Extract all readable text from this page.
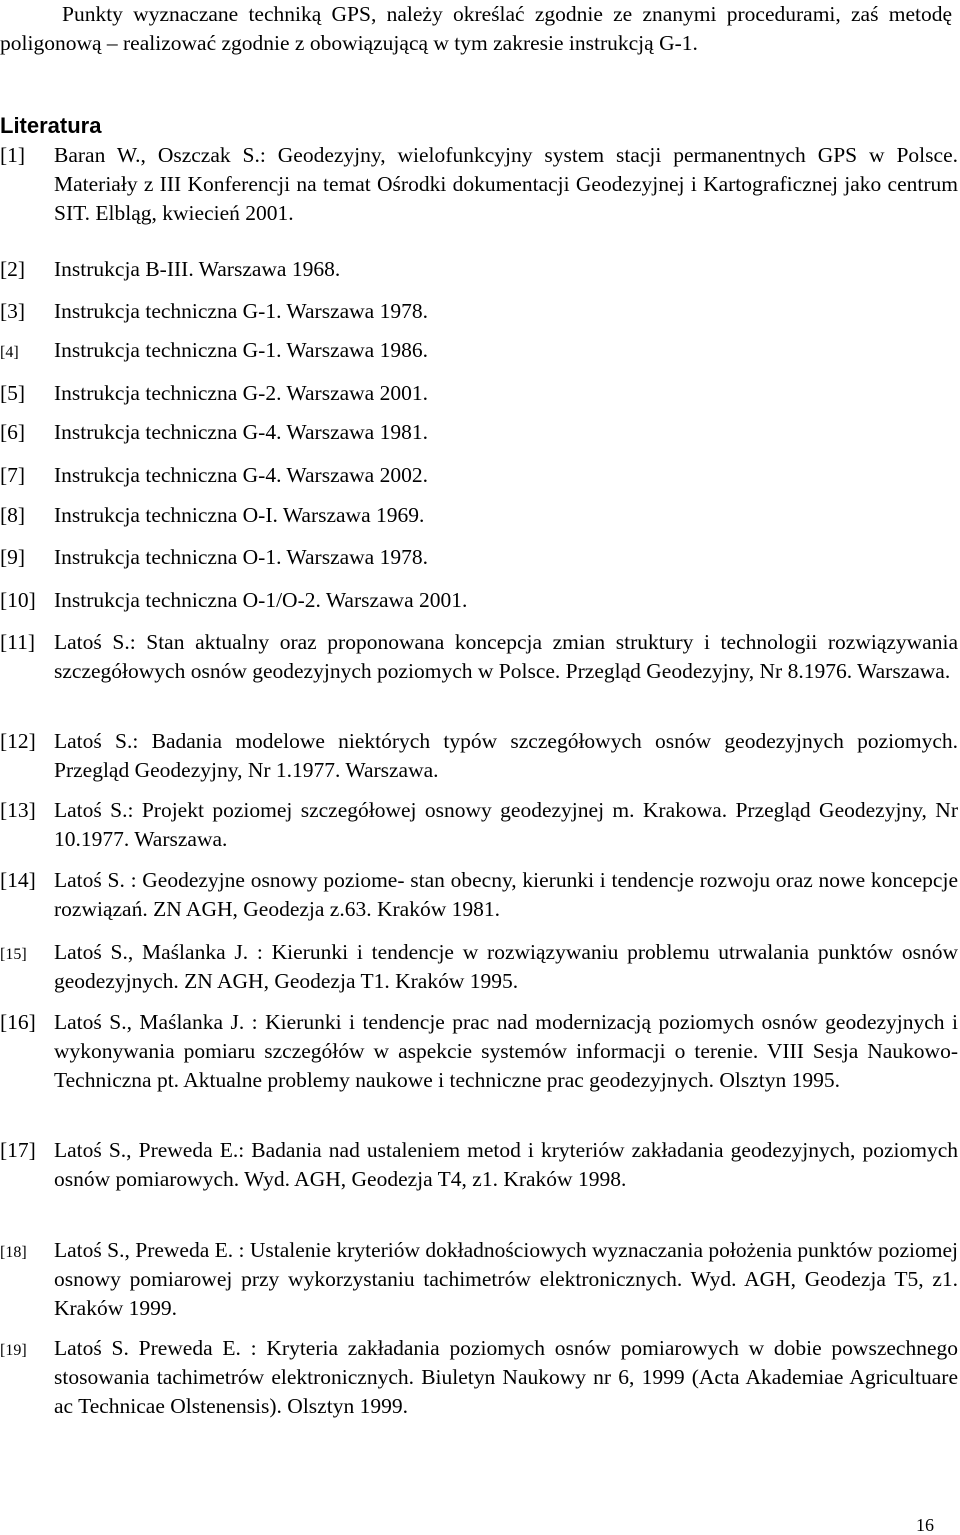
Punkty wyznaczane techniką GPS, należy określać zgodnie ze znanymi procedurami, zaś metodę poligonową – realizować zgodnie z obowiązującą w tym zakresie instrukcją G-1.

Literatura
[1] Baran W., Oszczak S.: Geodezyjny, wielofunkcyjny system stacji permanentnych GPS w Polsce. Materiały z III Konferencji na temat Ośrodki dokumentacji Geodezyjnej i Kartograficznej jako centrum SIT. Elbląg, kwiecień 2001.
[2] Instrukcja B-III. Warszawa 1968.
[3] Instrukcja techniczna G-1. Warszawa 1978.
[4] Instrukcja techniczna G-1. Warszawa 1986.
[5] Instrukcja techniczna G-2. Warszawa 2001.
[6] Instrukcja techniczna G-4. Warszawa 1981.
[7] Instrukcja techniczna G-4. Warszawa 2002.
[8] Instrukcja techniczna O-I. Warszawa 1969.
[9] Instrukcja techniczna O-1. Warszawa 1978.
[10] Instrukcja techniczna O-1/O-2. Warszawa 2001.
[11] Latoś S.: Stan aktualny oraz proponowana koncepcja zmian struktury i technologii rozwiązywania szczegółowych osnów geodezyjnych poziomych w Polsce. Przegląd Geodezyjny, Nr 8.1976. Warszawa.
[12] Latoś S.: Badania modelowe niektórych typów szczegółowych osnów geodezyjnych poziomych. Przegląd Geodezyjny, Nr 1.1977. Warszawa.
[13] Latoś S.: Projekt poziomej szczegółowej osnowy geodezyjnej m. Krakowa. Przegląd Geodezyjny, Nr 10.1977. Warszawa.
[14] Latoś S. : Geodezyjne osnowy poziome- stan obecny, kierunki i tendencje rozwoju oraz nowe koncepcje rozwiązań. ZN AGH, Geodezja z.63. Kraków 1981.
[15] Latoś S., Maślanka J. : Kierunki i tendencje w rozwiązywaniu problemu utrwalania punktów osnów geodezyjnych. ZN AGH, Geodezja T1. Kraków 1995.
[16] Latoś S., Maślanka J. : Kierunki i tendencje prac nad modernizacją poziomych osnów geodezyjnych i wykonywania pomiaru szczegółów w aspekcie systemów informacji o terenie. VIII Sesja Naukowo-Techniczna pt. Aktualne problemy naukowe i techniczne prac geodezyjnych. Olsztyn 1995.
[17] Latoś S., Preweda E.: Badania nad ustaleniem metod i kryteriów zakładania geodezyjnych, poziomych osnów pomiarowych. Wyd. AGH, Geodezja T4, z1. Kraków 1998.
[18] Latoś S., Preweda E. : Ustalenie kryteriów dokładnościowych wyznaczania położenia punktów poziomej osnowy pomiarowej przy wykorzystaniu tachimetrów elektronicznych. Wyd. AGH, Geodezja T5, z1. Kraków 1999.
[19] Latoś S. Preweda E. : Kryteria zakładania poziomych osnów pomiarowych w dobie powszechnego stosowania tachimetrów elektronicznych. Biuletyn Naukowy nr 6, 1999 (Acta Akademiae Agricultuare ac Technicae Olstenensis). Olsztyn 1999.
16
